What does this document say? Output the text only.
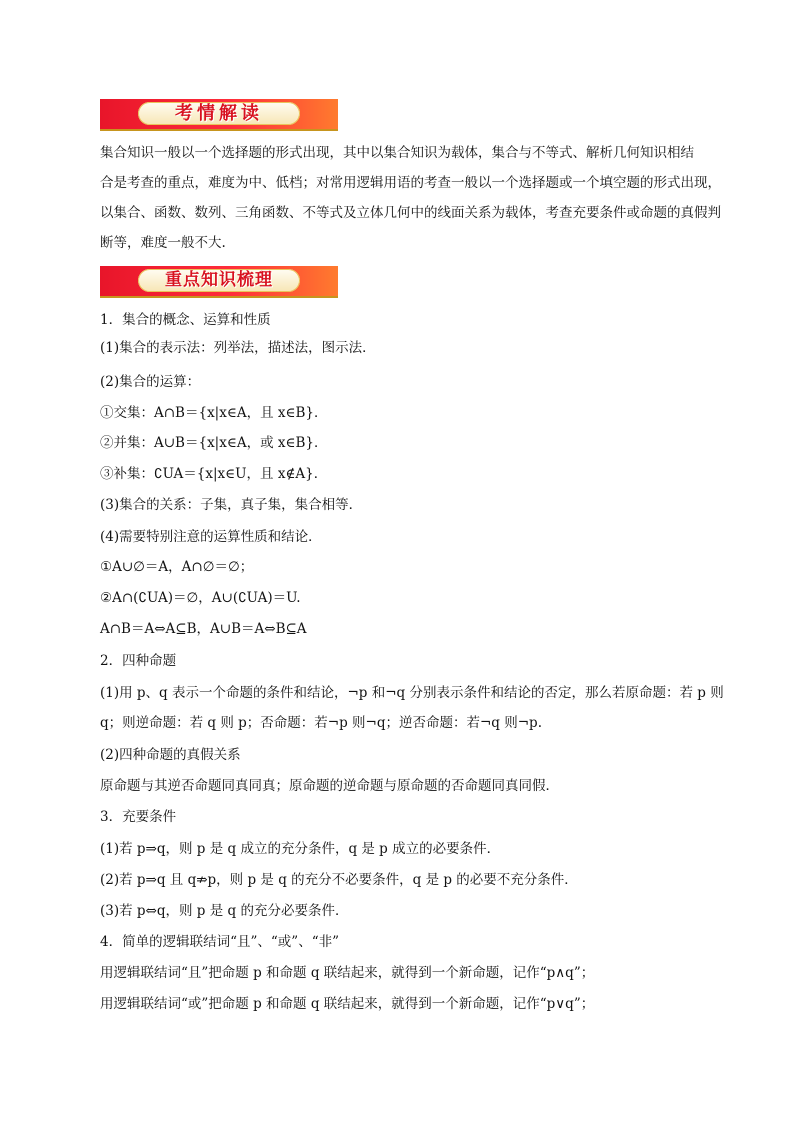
考情解读
集合知识一般以一个选择题的形式出现，其中以集合知识为载体，集合与不等式、解析几何知识相结
合是考查的重点，难度为中、低档；对常用逻辑用语的考查一般以一个选择题或一个填空题的形式出现，
以集合、函数、数列、三角函数、不等式及立体几何中的线面关系为载体，考查充要条件或命题的真假判
断等，难度一般不大.
重点知识梳理
1．集合的概念、运算和性质
(1)集合的表示法：列举法，描述法，图示法．
(2)集合的运算：
①交集：A∩B＝{x|x∈A，且 x∈B}．
②并集：A∪B＝{x|x∈A，或 x∈B}．
③补集：∁UA＝{x|x∈U，且 x∉A}．
(3)集合的关系：子集，真子集，集合相等．
(4)需要特别注意的运算性质和结论．
①A∪∅＝A，A∩∅＝∅；
②A∩(∁UA)＝∅，A∪(∁UA)＝U.
A∩B＝A⇔A⊆B，A∪B＝A⇔B⊆A
2．四种命题
(1)用 p、q 表示一个命题的条件和结论，¬p 和¬q 分别表示条件和结论的否定，那么若原命题：若 p 则
q；则逆命题：若 q 则 p；否命题：若¬p 则¬q；逆否命题：若¬q 则¬p.
(2)四种命题的真假关系
原命题与其逆否命题同真同真；原命题的逆命题与原命题的否命题同真同假．
3．充要条件
(1)若 p⇒q，则 p 是 q 成立的充分条件，q 是 p 成立的必要条件．
(2)若 p⇒q 且 q⇏p，则 p 是 q 的充分不必要条件，q 是 p 的必要不充分条件．
(3)若 p⇔q，则 p 是 q 的充分必要条件．
4．简单的逻辑联结词“且”、“或”、“非”
用逻辑联结词“且”把命题 p 和命题 q 联结起来，就得到一个新命题，记作“p∧q”；
用逻辑联结词“或”把命题 p 和命题 q 联结起来，就得到一个新命题，记作“p∨q”；
